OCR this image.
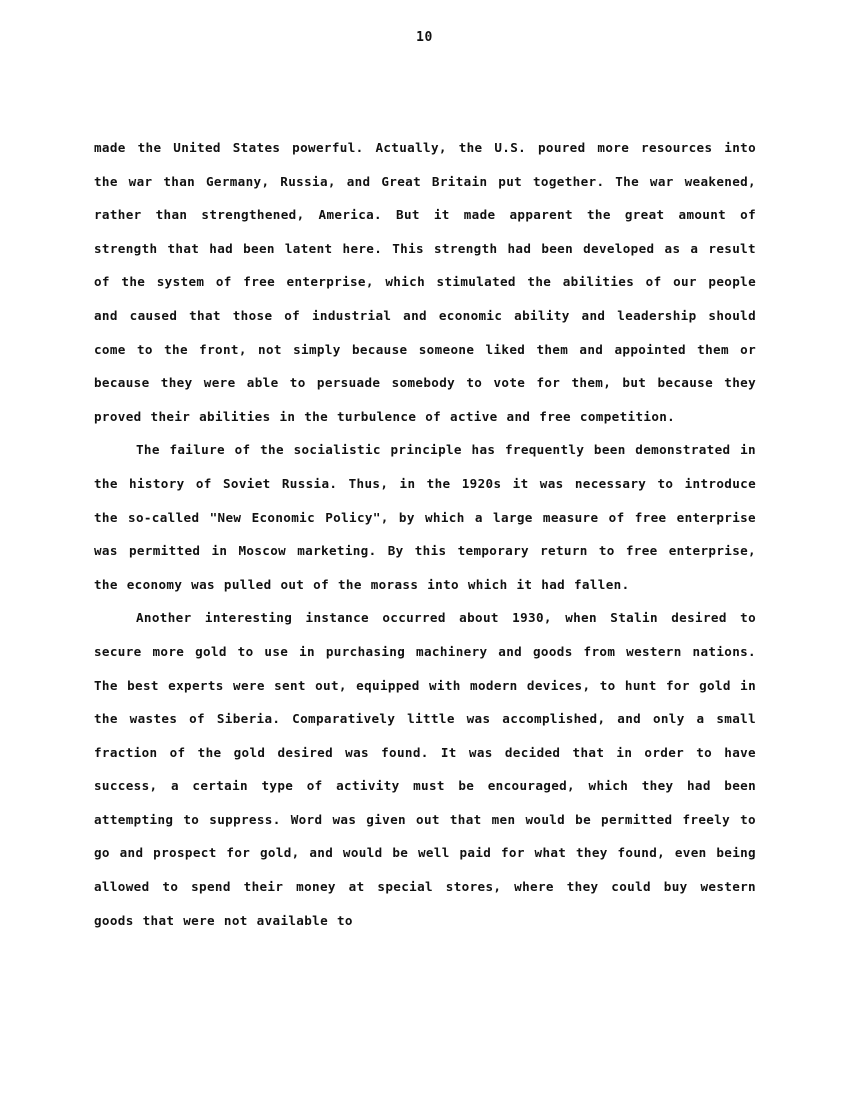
10

made the United States powerful. Actually, the U.S. poured more resources into the war than Germany, Russia, and Great Britain put together. The war weakened, rather than strengthened, America. But it made apparent the great amount of strength that had been latent here. This strength had been developed as a result of the system of free enterprise, which stimulated the abilities of our people and caused that those of industrial and economic ability and leadership should come to the front, not simply because someone liked them and appointed them or because they were able to persuade somebody to vote for them, but because they proved their abilities in the turbulence of active and free competition.

The failure of the socialistic principle has frequently been demonstrated in the history of Soviet Russia. Thus, in the 1920s it was necessary to introduce the so-called "New Economic Policy", by which a large measure of free enterprise was permitted in Moscow marketing. By this temporary return to free enterprise, the economy was pulled out of the morass into which it had fallen.

Another interesting instance occurred about 1930, when Stalin desired to secure more gold to use in purchasing machinery and goods from western nations. The best experts were sent out, equipped with modern devices, to hunt for gold in the wastes of Siberia. Comparatively little was accomplished, and only a small fraction of the gold desired was found. It was decided that in order to have success, a certain type of activity must be encouraged, which they had been attempting to suppress. Word was given out that men would be permitted freely to go and prospect for gold, and would be well paid for what they found, even being allowed to spend their money at special stores, where they could buy western goods that were not available to
